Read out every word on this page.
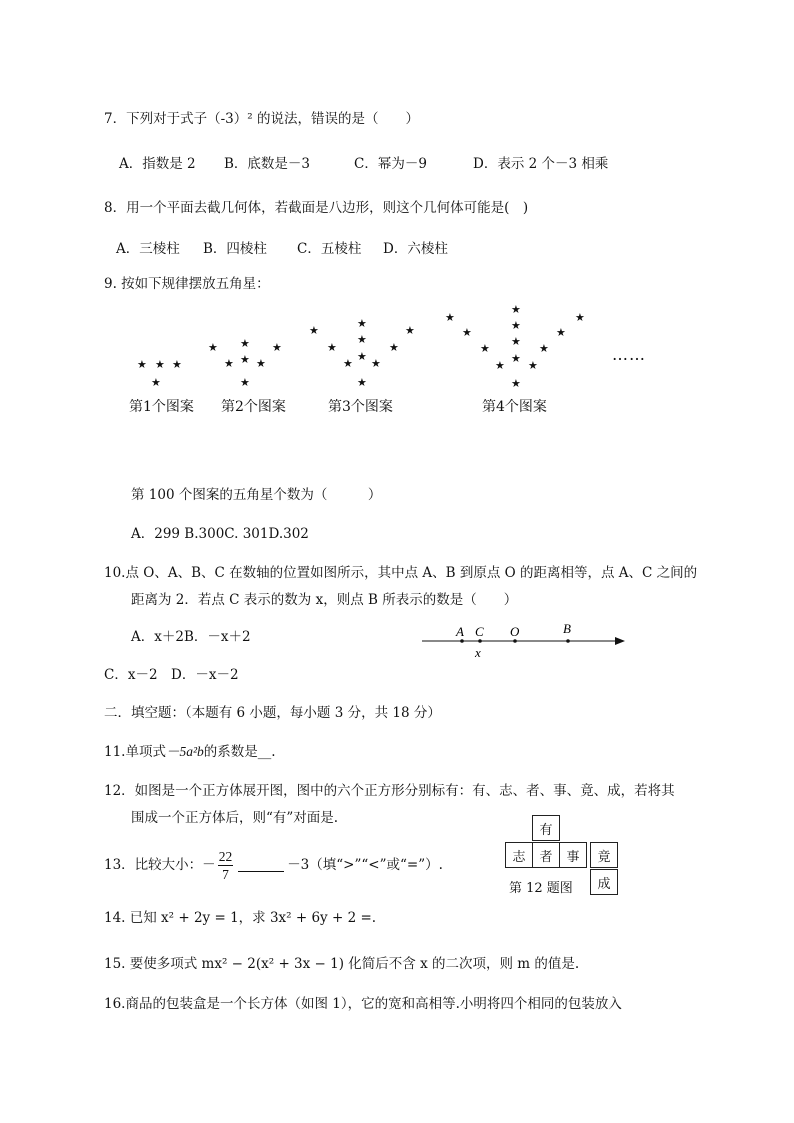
7．下列对于式子（-3）² 的说法，错误的是（　　）
A．指数是 2 B．底数是－3	C．幂为－9	D．表示 2 个－3 相乘
8．用一个平面去截几何体，若截面是八边形，则这个几何体可能是(　)
A．三棱柱 B．四棱柱 C．五棱柱 D．六棱柱
9. 按如下规律摆放五角星：
★ ★ ★
★
★ ★ ★
★ ★ ★
★
★
★
★
★
★
★
★
★
★
★
★
★
★
★
★
★
★
★
★
★
★
★
★
……
第1个图案 第2个图案	第3个图案	第4个图案
第 100 个图案的五角星个数为（　　　）
A．299 B.300C. 301D.302
10.点 O、A、B、C 在数轴的位置如图所示，其中点 A、B 到原点 O 的距离相等，点 A、C 之间的
距离为 2．若点 C 表示的数为 x，则点 B 所表示的数是（　　）
A．x＋2B．－x＋2
C．x－2　D．－x－2
A C O	B
x
二．填空题：（本题有 6 小题，每小题 3 分，共 18 分）
11.单项式－5a²b的系数是__.
12．如图是一个正方体展开图，图中的六个正方形分别标有：有、志、者、事、竟、成，若将其
围成一个正方体后，则“有”对面是.
有
志	者	事	竟
成
第 12 题图
13．比较大小：－ $\frac{22}{7}$	－3（填“>”“<”或“=”）.
14. 已知 x² + 2y = 1，求 3x² + 6y + 2 =.
15. 要使多项式 mx² − 2(x² + 3x − 1) 化简后不含 x 的二次项，则 m 的值是.
16.商品的包装盒是一个长方体（如图 1），它的宽和高相等.小明将四个相同的包装放入
